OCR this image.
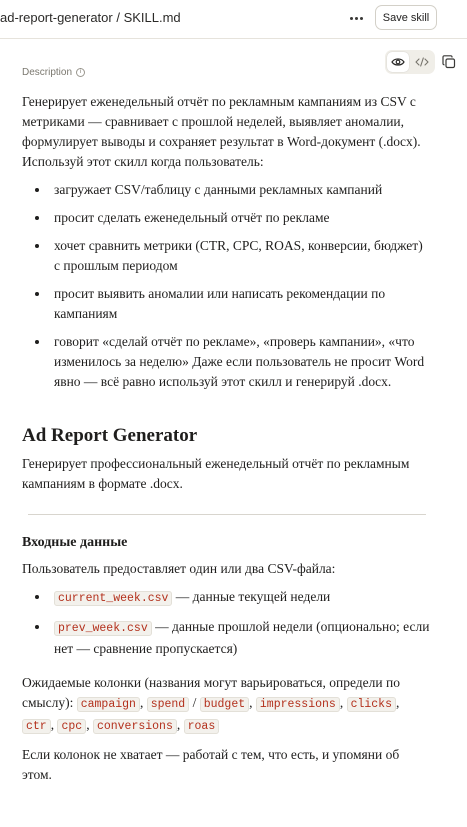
ad-report-generator / SKILL.md	Save skill
Description	i

Генерирует еженедельный отчёт по рекламным кампаниям из CSV с метриками — сравнивает с прошлой неделей, выявляет аномалии, формулирует выводы и сохраняет результат в Word-документ (.docx).

Используй этот скилл когда пользователь:

загружает CSV/таблицу с данными рекламных кампаний
просит сделать еженедельный отчёт по рекламе
хочет сравнить метрики (CTR, CPC, ROAS, конверсии, бюджет) с прошлым периодом
просит выявить аномалии или написать рекомендации по кампаниям
говорит «сделай отчёт по рекламе», «проверь кампании», «что изменилось за неделю» Даже если пользователь не просит Word явно — всё равно используй этот скилл и генерируй .docx.
Ad Report Generator

Генерирует профессиональный еженедельный отчёт по рекламным кампаниям в формате .docx.

Входные данные

Пользователь предоставляет один или два CSV-файла:

current_week.csv — данные текущей недели
prev_week.csv — данные прошлой недели (опционально; если нет — сравнение пропускается)

Ожидаемые колонки (названия могут варьироваться, определи по смыслу): campaign , spend / budget , impressions , clicks , ctr , cpc , conversions , roas

Если колонок не хватает — работай с тем, что есть, и упомяни об этом.
